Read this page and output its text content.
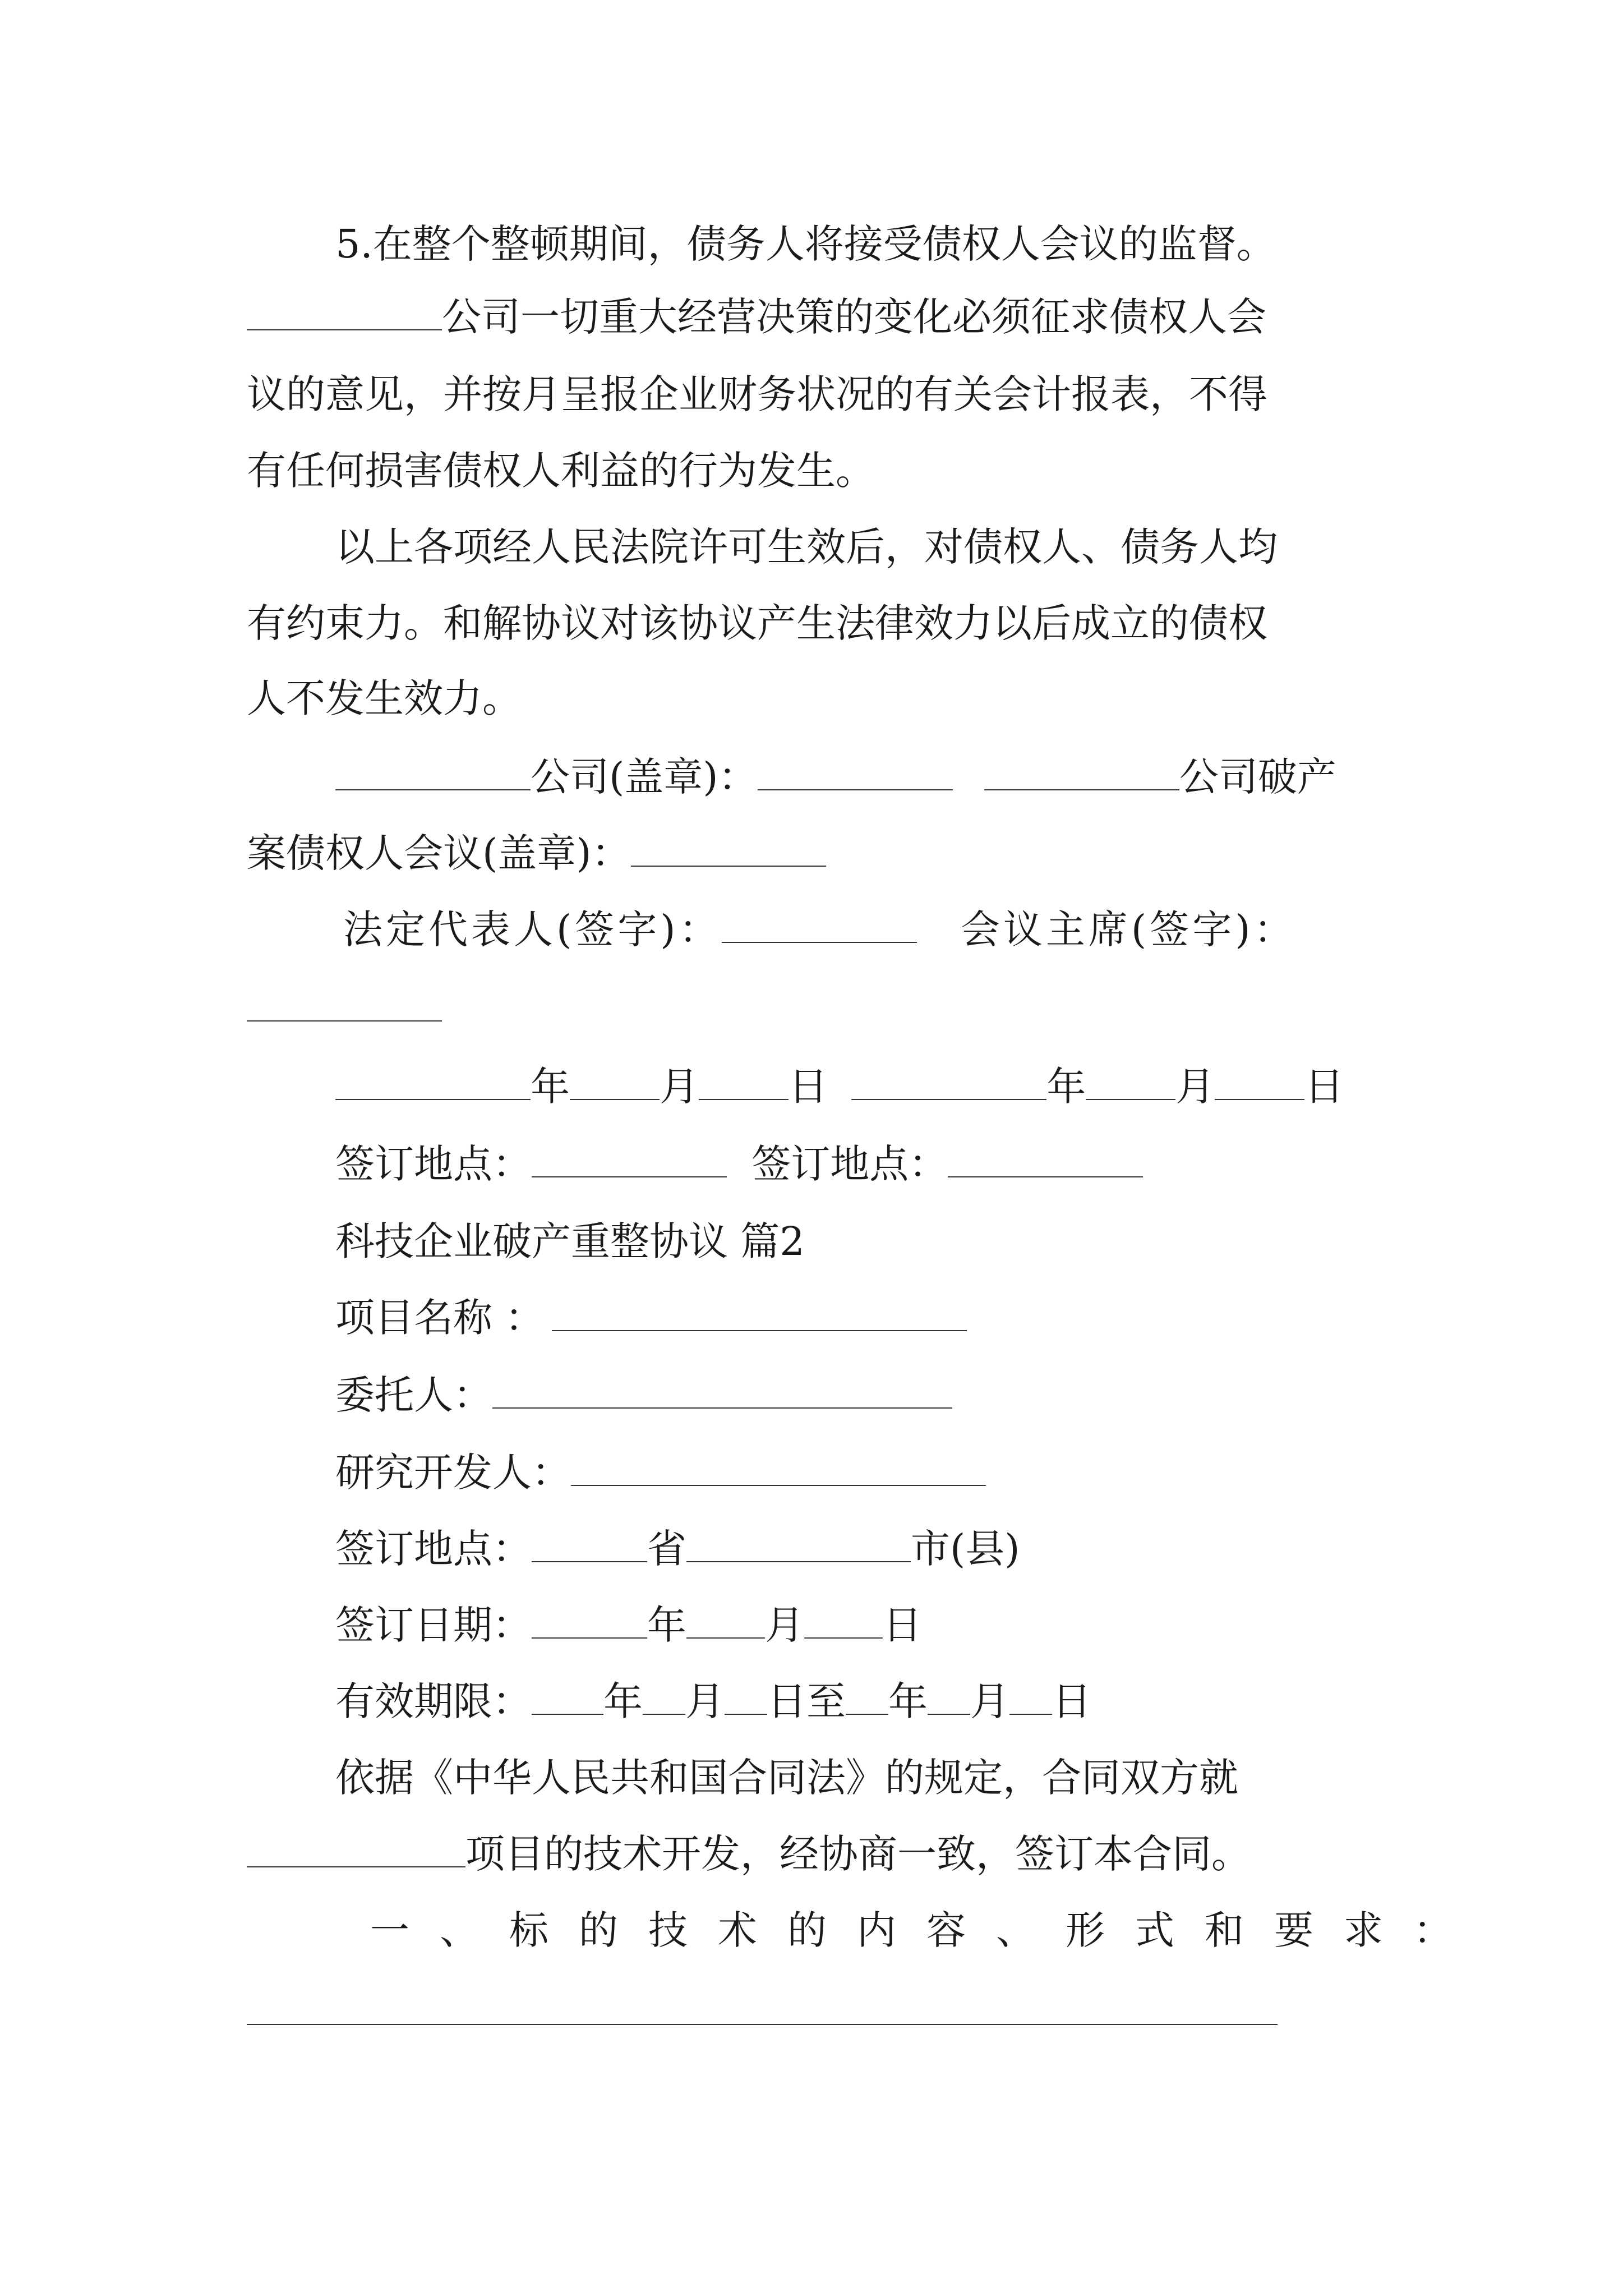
5.在整个整顿期间，债务人将接受债权人会议的监督。
公司一切重大经营决策的变化必须征求债权人会
议的意见，并按月呈报企业财务状况的有关会计报表，不得
有任何损害债权人利益的行为发生。
以上各项经人民法院许可生效后，对债权人、债务人均
有约束力。和解协议对该协议产生法律效力以后成立的债权
人不发生效力。
公司(盖章)：	公司破产
案债权人会议(盖章)：
法定代表人(签字)：	会议主席(签字)：
年 月 日	年 月 日
签订地点：	签订地点：
科技企业破产重整协议 篇2
项目名称 ：
委托人：
研究开发人：
签订地点：	省	市(县)
签订日期：	年 月 日
有效期限： 年 月 日至 年 月 日
依据《中华人民共和国合同法》的规定，合同双方就
项目的技术开发，经协商一致，签订本合同。
一、标的技术的内容、形式和要求：
